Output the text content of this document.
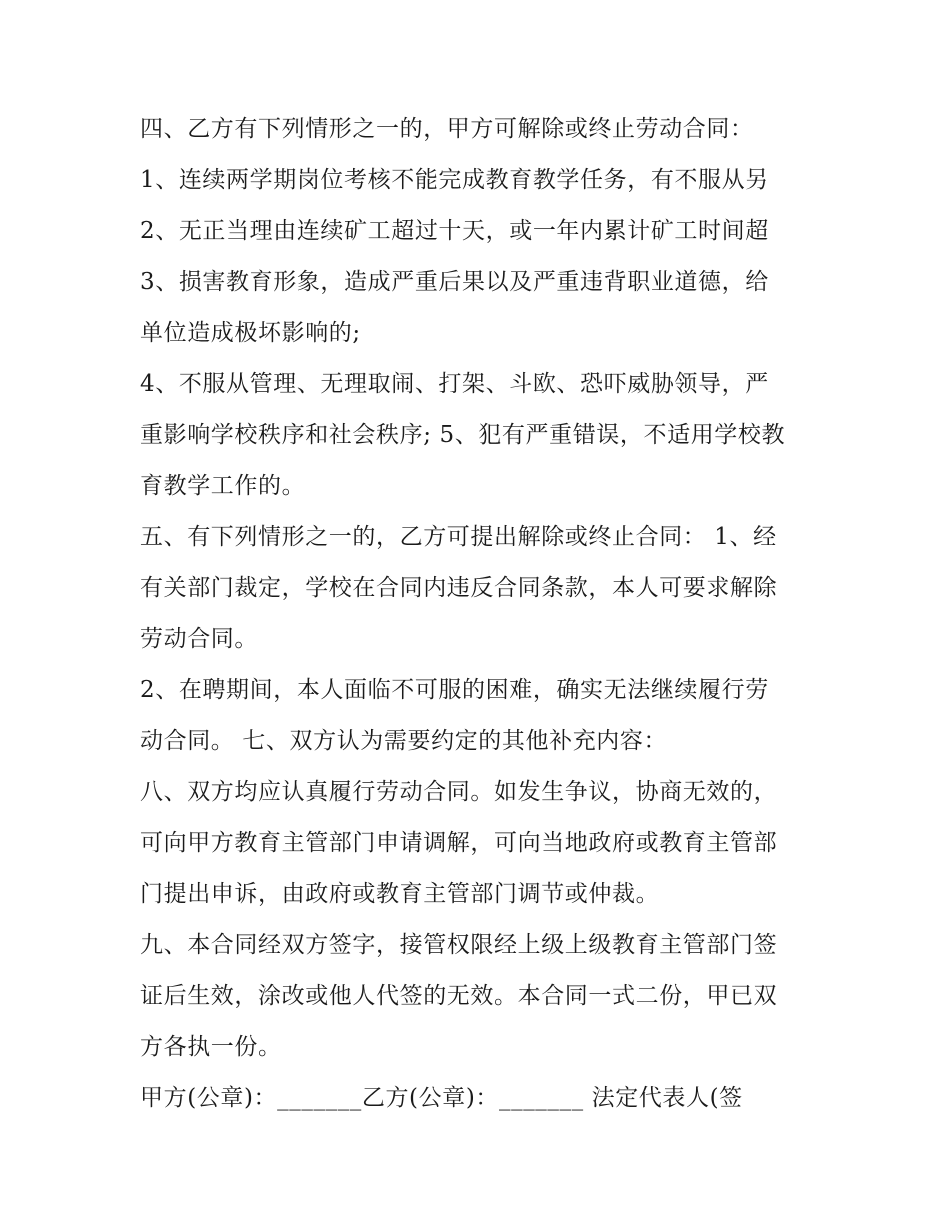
四、乙方有下列情形之一的，甲方可解除或终止劳动合同：
1、连续两学期岗位考核不能完成教育教学任务，有不服从另
2、无正当理由连续矿工超过十天，或一年内累计矿工时间超
3、损害教育形象，造成严重后果以及严重违背职业道德，给
单位造成极坏影响的;
4、不服从管理、无理取闹、打架、斗欧、恐吓威胁领导，严
重影响学校秩序和社会秩序; 5、犯有严重错误，不适用学校教
育教学工作的。
五、有下列情形之一的，乙方可提出解除或终止合同： 1、经
有关部门裁定，学校在合同内违反合同条款，本人可要求解除
劳动合同。
2、在聘期间，本人面临不可服的困难，确实无法继续履行劳
动合同。 七、双方认为需要约定的其他补充内容：
八、双方均应认真履行劳动合同。如发生争议，协商无效的，
可向甲方教育主管部门申请调解，可向当地政府或教育主管部
门提出申诉，由政府或教育主管部门调节或仲裁。
九、本合同经双方签字，接管权限经上级上级教育主管部门签
证后生效，涂改或他人代签的无效。本合同一式二份，甲已双
方各执一份。
甲方(公章)：_______乙方(公章)：_______ 法定代表人(签
